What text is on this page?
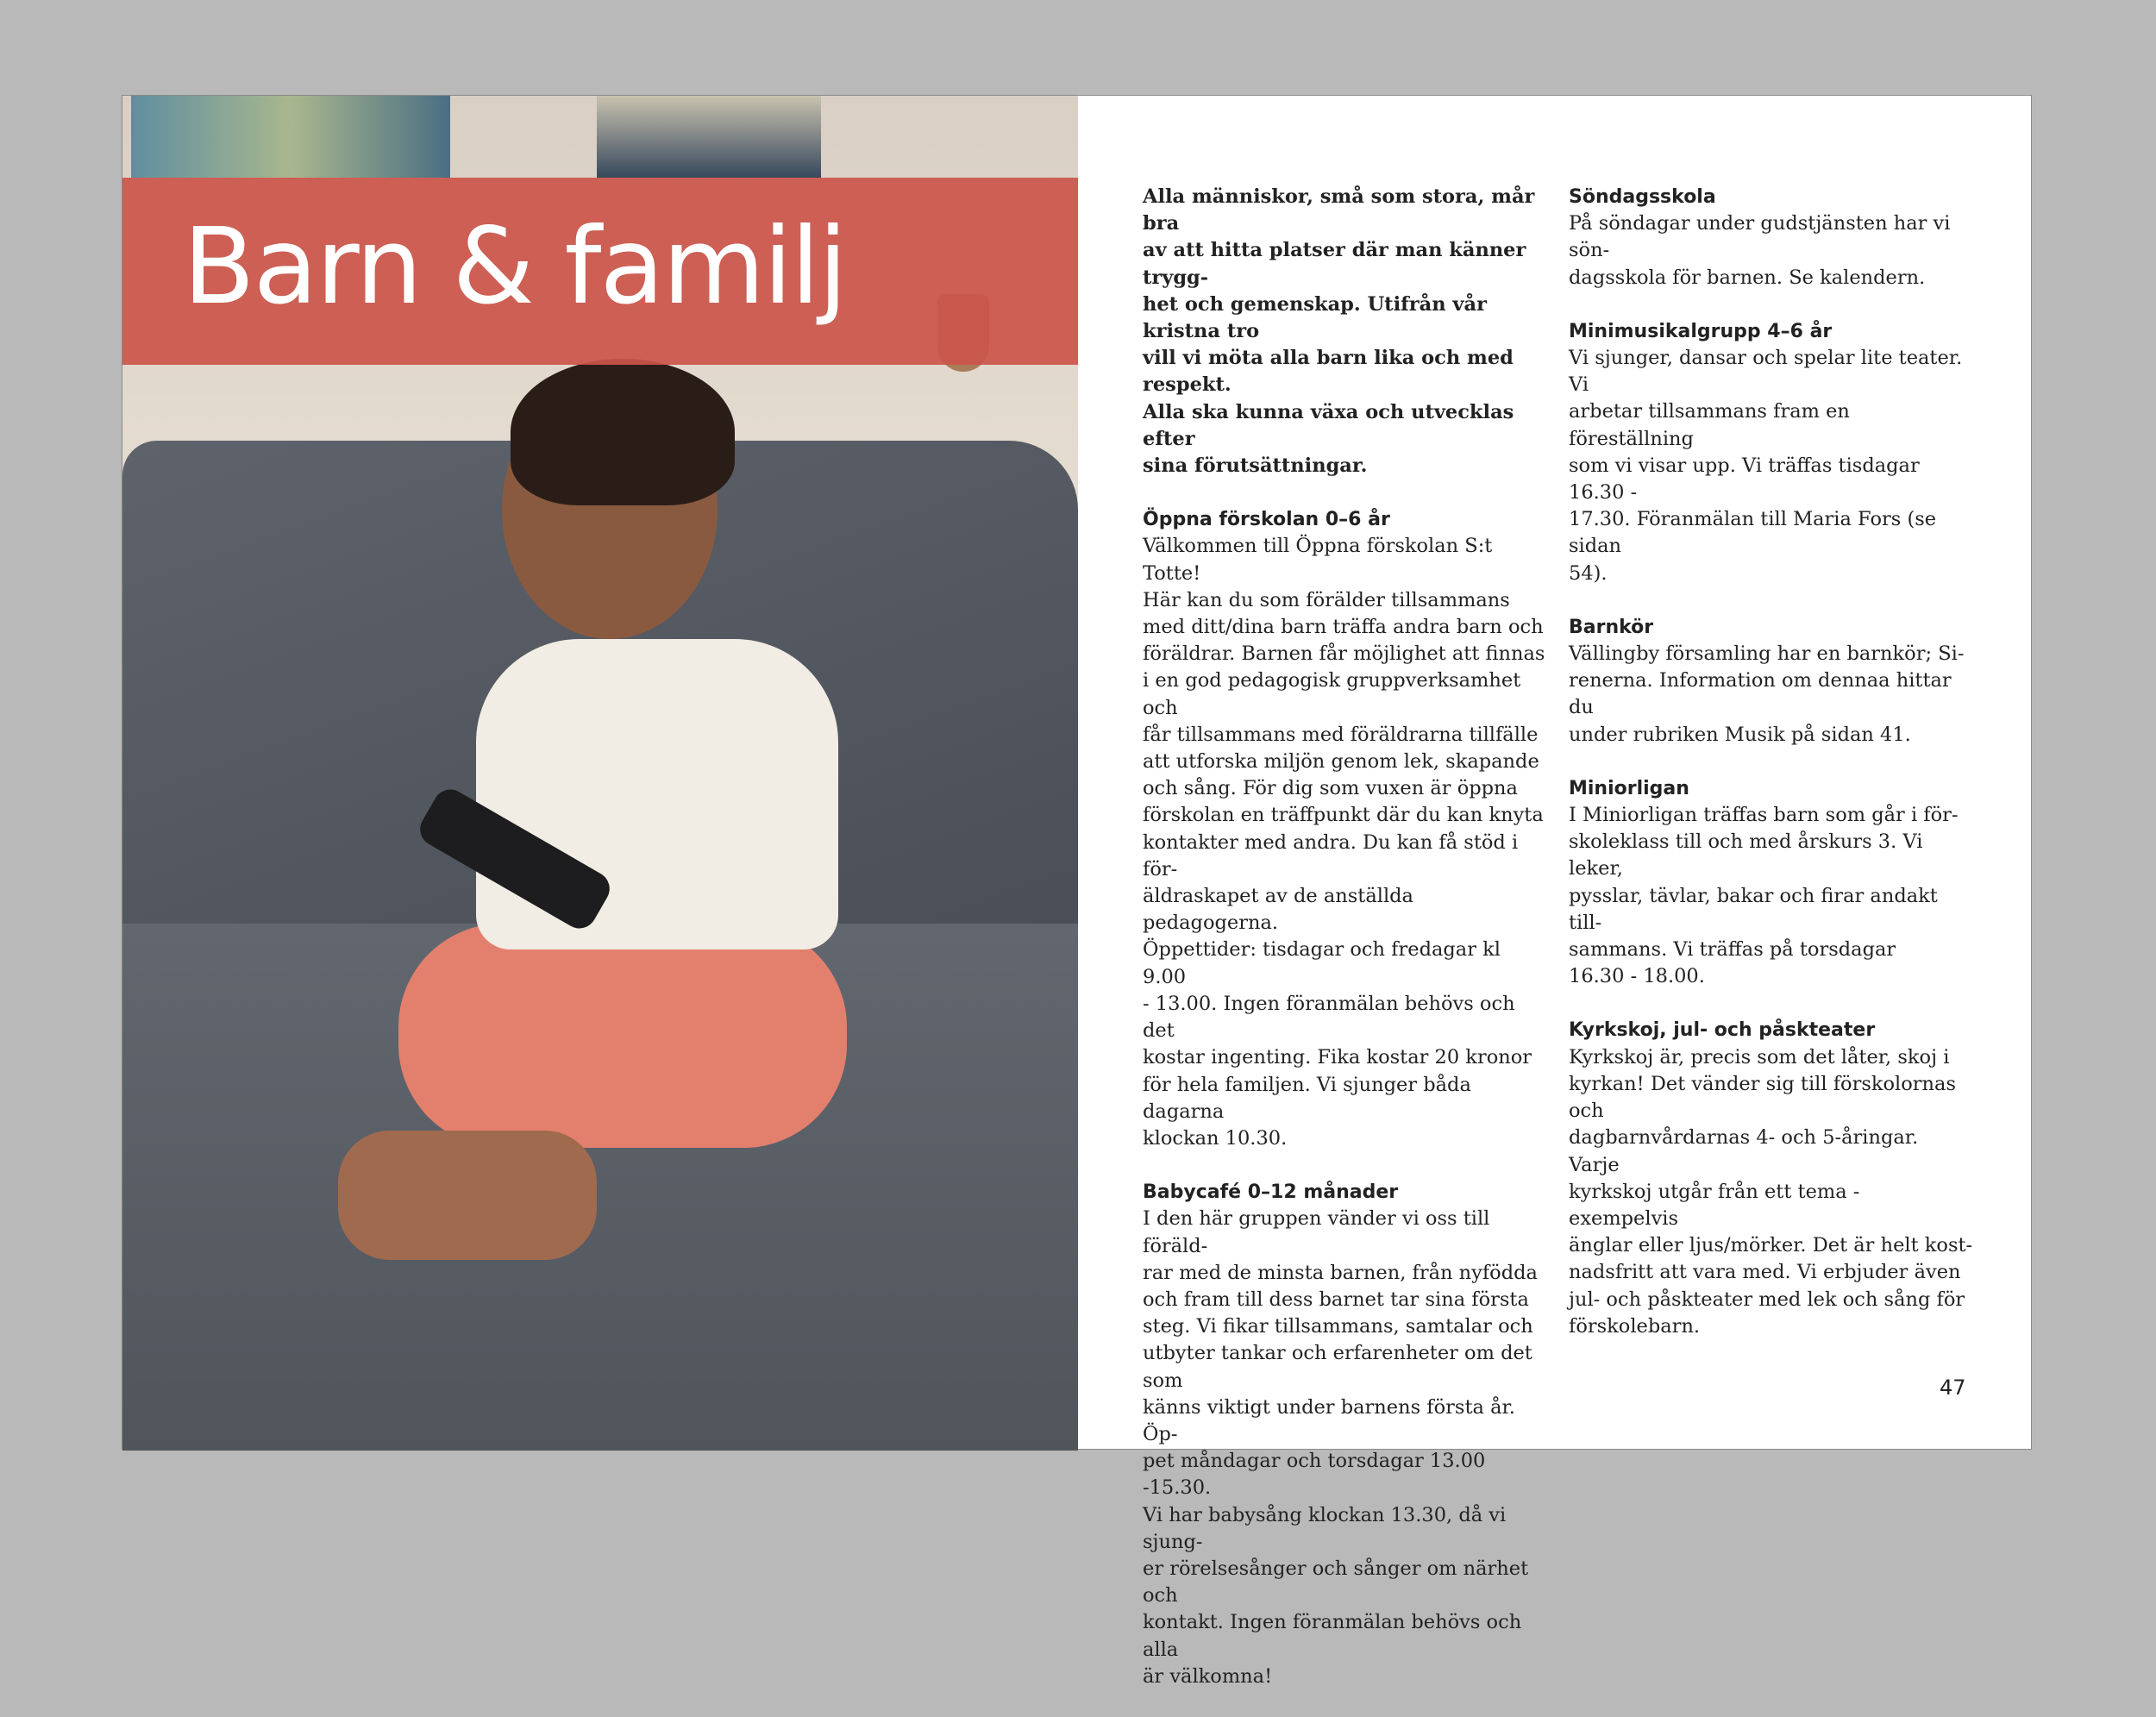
Barn & familj

Alla människor, små som stora, mår bra
av att hitta platser där man känner trygg-
het och gemenskap. Utifrån vår kristna tro
vill vi möta alla barn lika och med respekt.
Alla ska kunna växa och utvecklas efter
sina förutsättningar.

Öppna förskolan 0–6 år

Välkommen till Öppna förskolan S:t Totte!
Här kan du som förälder tillsammans
med ditt/dina barn träffa andra barn och
föräldrar. Barnen får möjlighet att finnas
i en god pedagogisk gruppverksamhet och
får tillsammans med föräldrarna tillfälle
att utforska miljön genom lek, skapande
och sång. För dig som vuxen är öppna
förskolan en träffpunkt där du kan knyta
kontakter med andra. Du kan få stöd i för-
äldraskapet av de anställda pedagogerna.
Öppettider: tisdagar och fredagar kl 9.00
- 13.00. Ingen föranmälan behövs och det
kostar ingenting. Fika kostar 20 kronor
för hela familjen. Vi sjunger båda dagarna
klockan 10.30.

Babycafé 0–12 månader

I den här gruppen vänder vi oss till föräld-
rar med de minsta barnen, från nyfödda
och fram till dess barnet tar sina första
steg. Vi fikar tillsammans, samtalar och
utbyter tankar och erfarenheter om det som
känns viktigt under barnens första år. Öp-
pet måndagar och torsdagar 13.00 -15.30.
Vi har babysång klockan 13.30, då vi sjung-
er rörelsesånger och sånger om närhet och
kontakt. Ingen föranmälan behövs och alla
är välkomna!

Söndagsskola

På söndagar under gudstjänsten har vi sön-
dagsskola för barnen. Se kalendern.

Minimusikalgrupp 4–6 år

Vi sjunger, dansar och spelar lite teater. Vi
arbetar tillsammans fram en föreställning
som vi visar upp. Vi träffas tisdagar 16.30 -
17.30. Föranmälan till Maria Fors (se sidan
54).

Barnkör

Vällingby församling har en barnkör; Si-
renerna. Information om dennaa hittar du
under rubriken Musik på sidan 41.

Miniorligan

I Miniorligan träffas barn som går i för-
skoleklass till och med årskurs 3. Vi leker,
pysslar, tävlar, bakar och firar andakt till-
sammans. Vi träffas på torsdagar
16.30 - 18.00.

Kyrkskoj, jul- och påskteater

Kyrkskoj är, precis som det låter, skoj i
kyrkan! Det vänder sig till förskolornas och
dagbarnvårdarnas 4- och 5-åringar. Varje
kyrkskoj utgår från ett tema - exempelvis
änglar eller ljus/mörker. Det är helt kost-
nadsfritt att vara med. Vi erbjuder även
jul- och påskteater med lek och sång för
förskolebarn.

47
